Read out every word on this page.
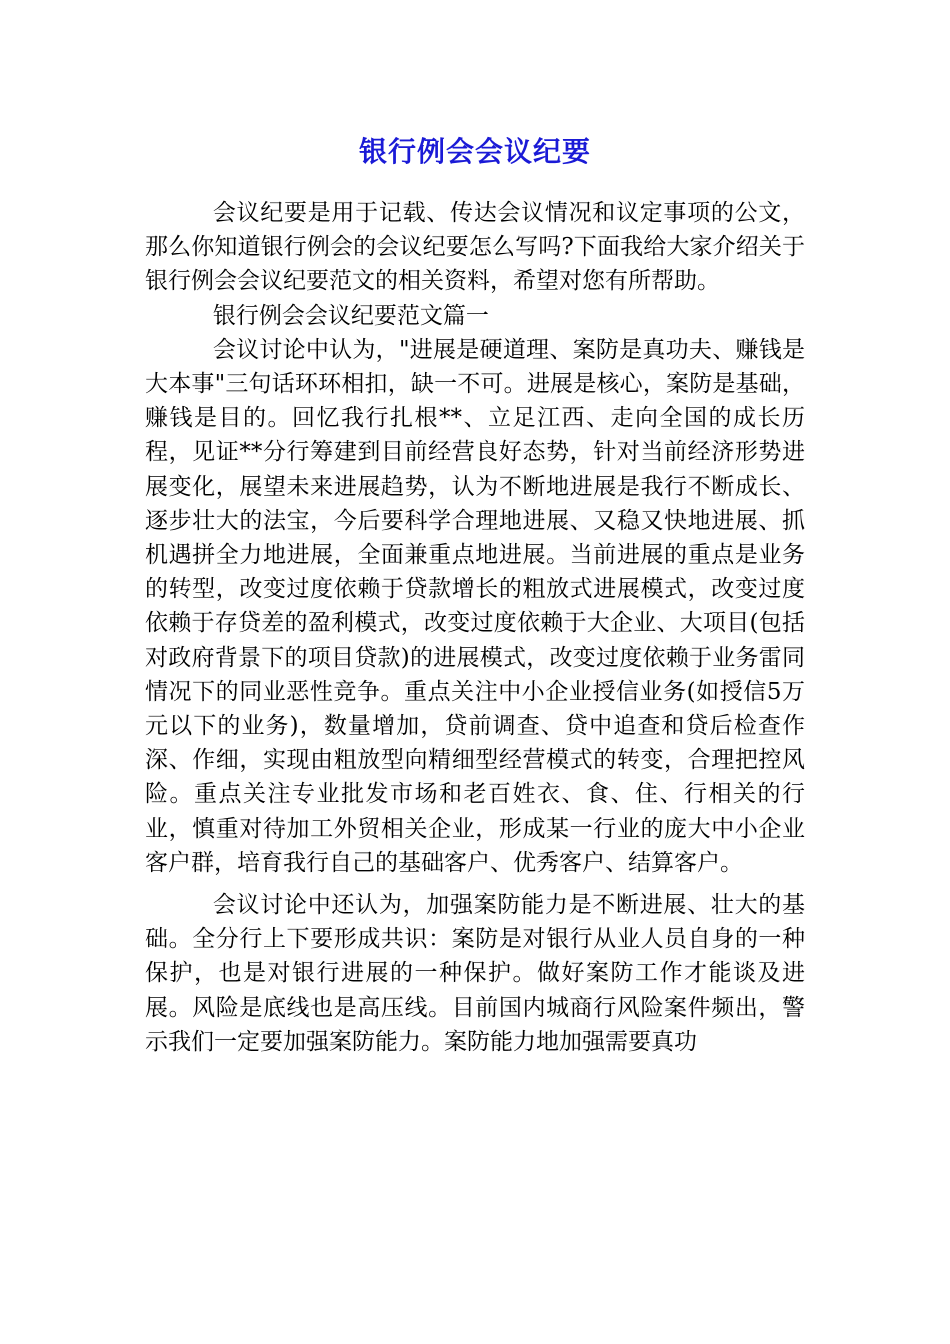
银行例会会议纪要

会议纪要是用于记载、传达会议情况和议定事项的公文，那么你知道银行例会的会议纪要怎么写吗?下面我给大家介绍关于银行例会会议纪要范文的相关资料，希望对您有所帮助。

银行例会会议纪要范文篇一

会议讨论中认为，"进展是硬道理、案防是真功夫、赚钱是大本事"三句话环环相扣，缺一不可。进展是核心，案防是基础，赚钱是目的。回忆我行扎根**、立足江西、走向全国的成长历程，见证**分行筹建到目前经营良好态势，针对当前经济形势进展变化，展望未来进展趋势，认为不断地进展是我行不断成长、逐步壮大的法宝，今后要科学合理地进展、又稳又快地进展、抓机遇拼全力地进展，全面兼重点地进展。当前进展的重点是业务的转型，改变过度依赖于贷款增长的粗放式进展模式，改变过度依赖于存贷差的盈利模式，改变过度依赖于大企业、大项目(包括对政府背景下的项目贷款)的进展模式，改变过度依赖于业务雷同情况下的同业恶性竞争。重点关注中小企业授信业务(如授信5万元以下的业务)，数量增加，贷前调查、贷中追查和贷后检查作深、作细，实现由粗放型向精细型经营模式的转变，合理把控风险。重点关注专业批发市场和老百姓衣、食、住、行相关的行业，慎重对待加工外贸相关企业，形成某一行业的庞大中小企业客户群，培育我行自己的基础客户、优秀客户、结算客户。

会议讨论中还认为，加强案防能力是不断进展、壮大的基础。全分行上下要形成共识：案防是对银行从业人员自身的一种保护，也是对银行进展的一种保护。做好案防工作才能谈及进展。风险是底线也是高压线。目前国内城商行风险案件频出，警示我们一定要加强案防能力。案防能力地加强需要真功
